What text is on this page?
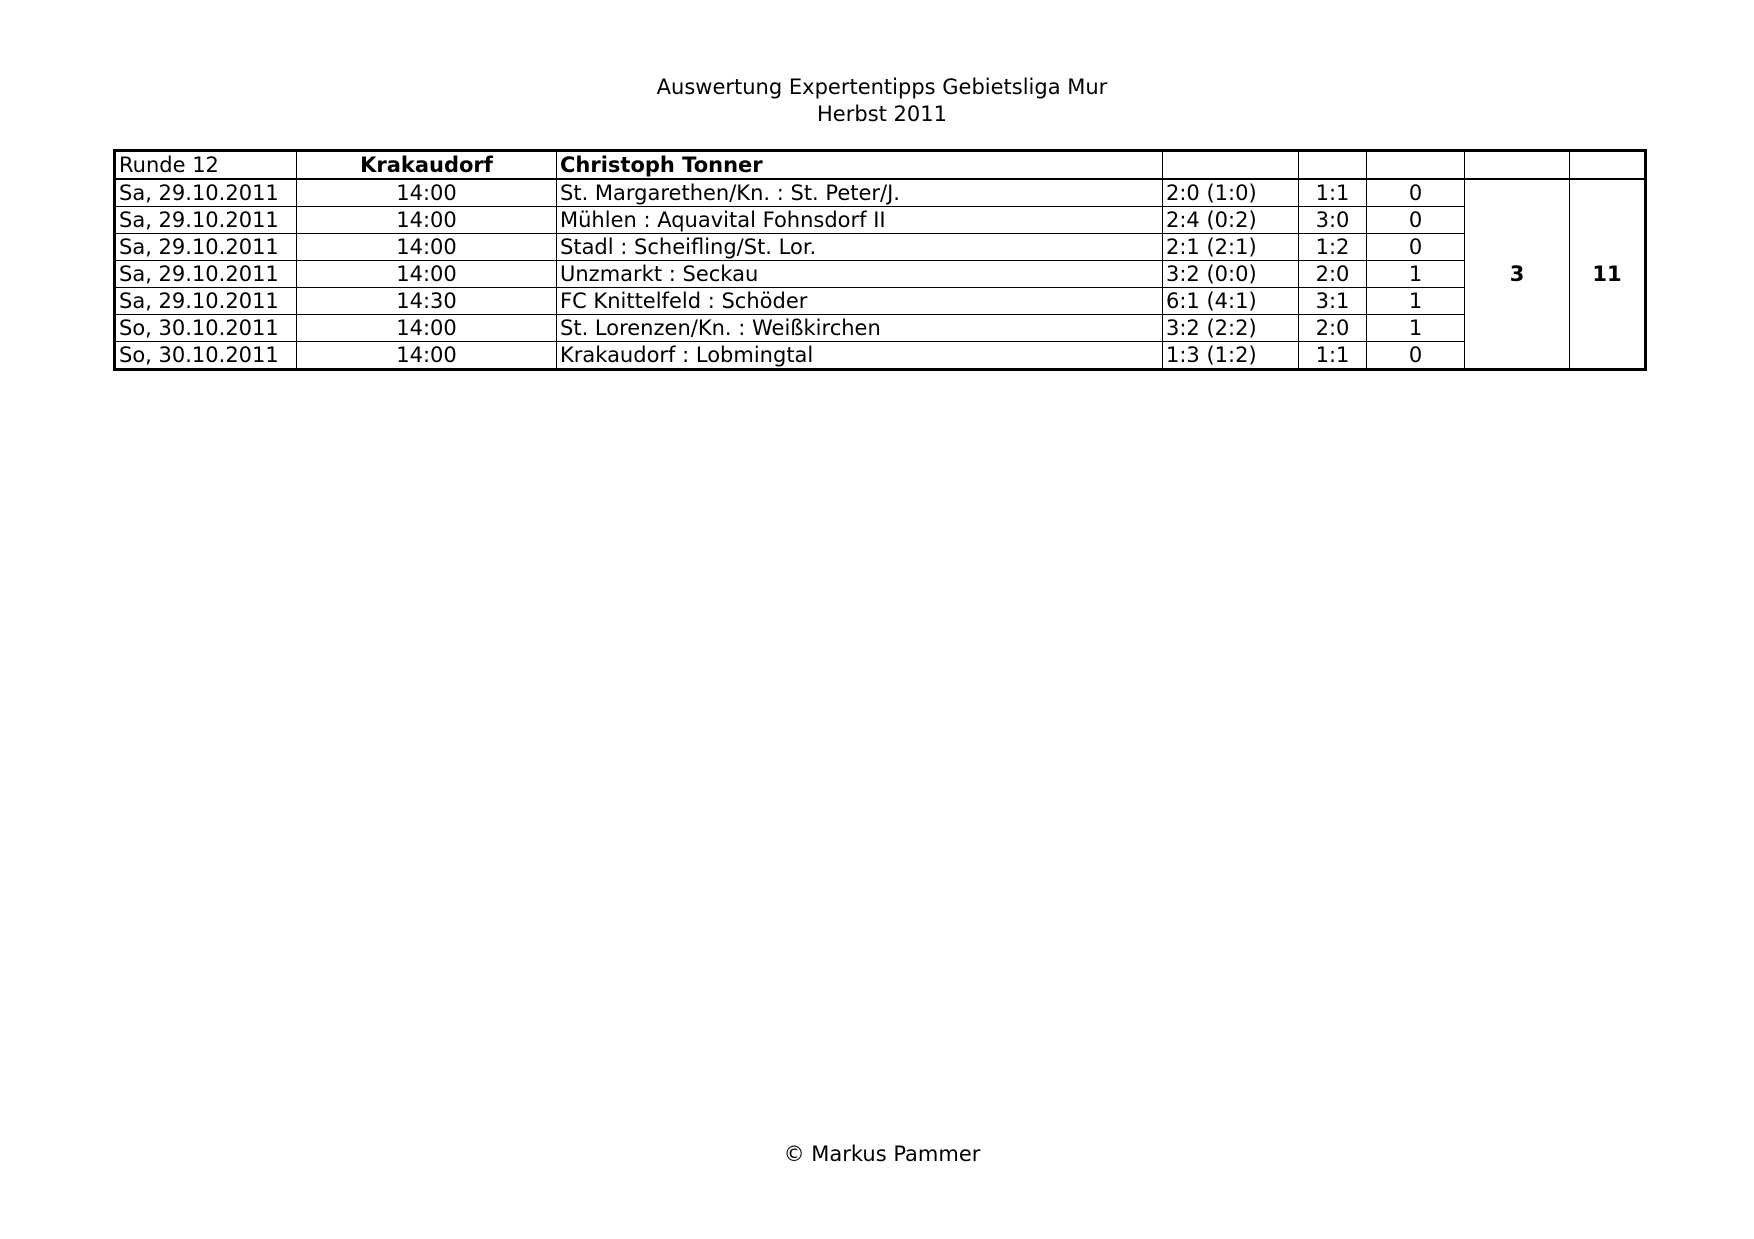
Auswertung Expertentipps Gebietsliga Mur
Herbst 2011
Runde 12	Krakaudorf	Christoph Tonner					
Sa, 29.10.2011	14:00	St. Margarethen/Kn. : St. Peter/J.	2:0 (1:0)	1:1	0	3	11
Sa, 29.10.2011	14:00	Mühlen : Aquavital Fohnsdorf II	2:4 (0:2)	3:0	0		
Sa, 29.10.2011	14:00	Stadl : Scheifling/St. Lor.	2:1 (2:1)	1:2	0		
Sa, 29.10.2011	14:00	Unzmarkt : Seckau	3:2 (0:0)	2:0	1		
Sa, 29.10.2011	14:30	FC Knittelfeld : Schöder	6:1 (4:1)	3:1	1		
So, 30.10.2011	14:00	St. Lorenzen/Kn. : Weißkirchen	3:2 (2:2)	2:0	1		
So, 30.10.2011	14:00	Krakaudorf : Lobmingtal	1:3 (1:2)	1:1	0		
© Markus Pammer
